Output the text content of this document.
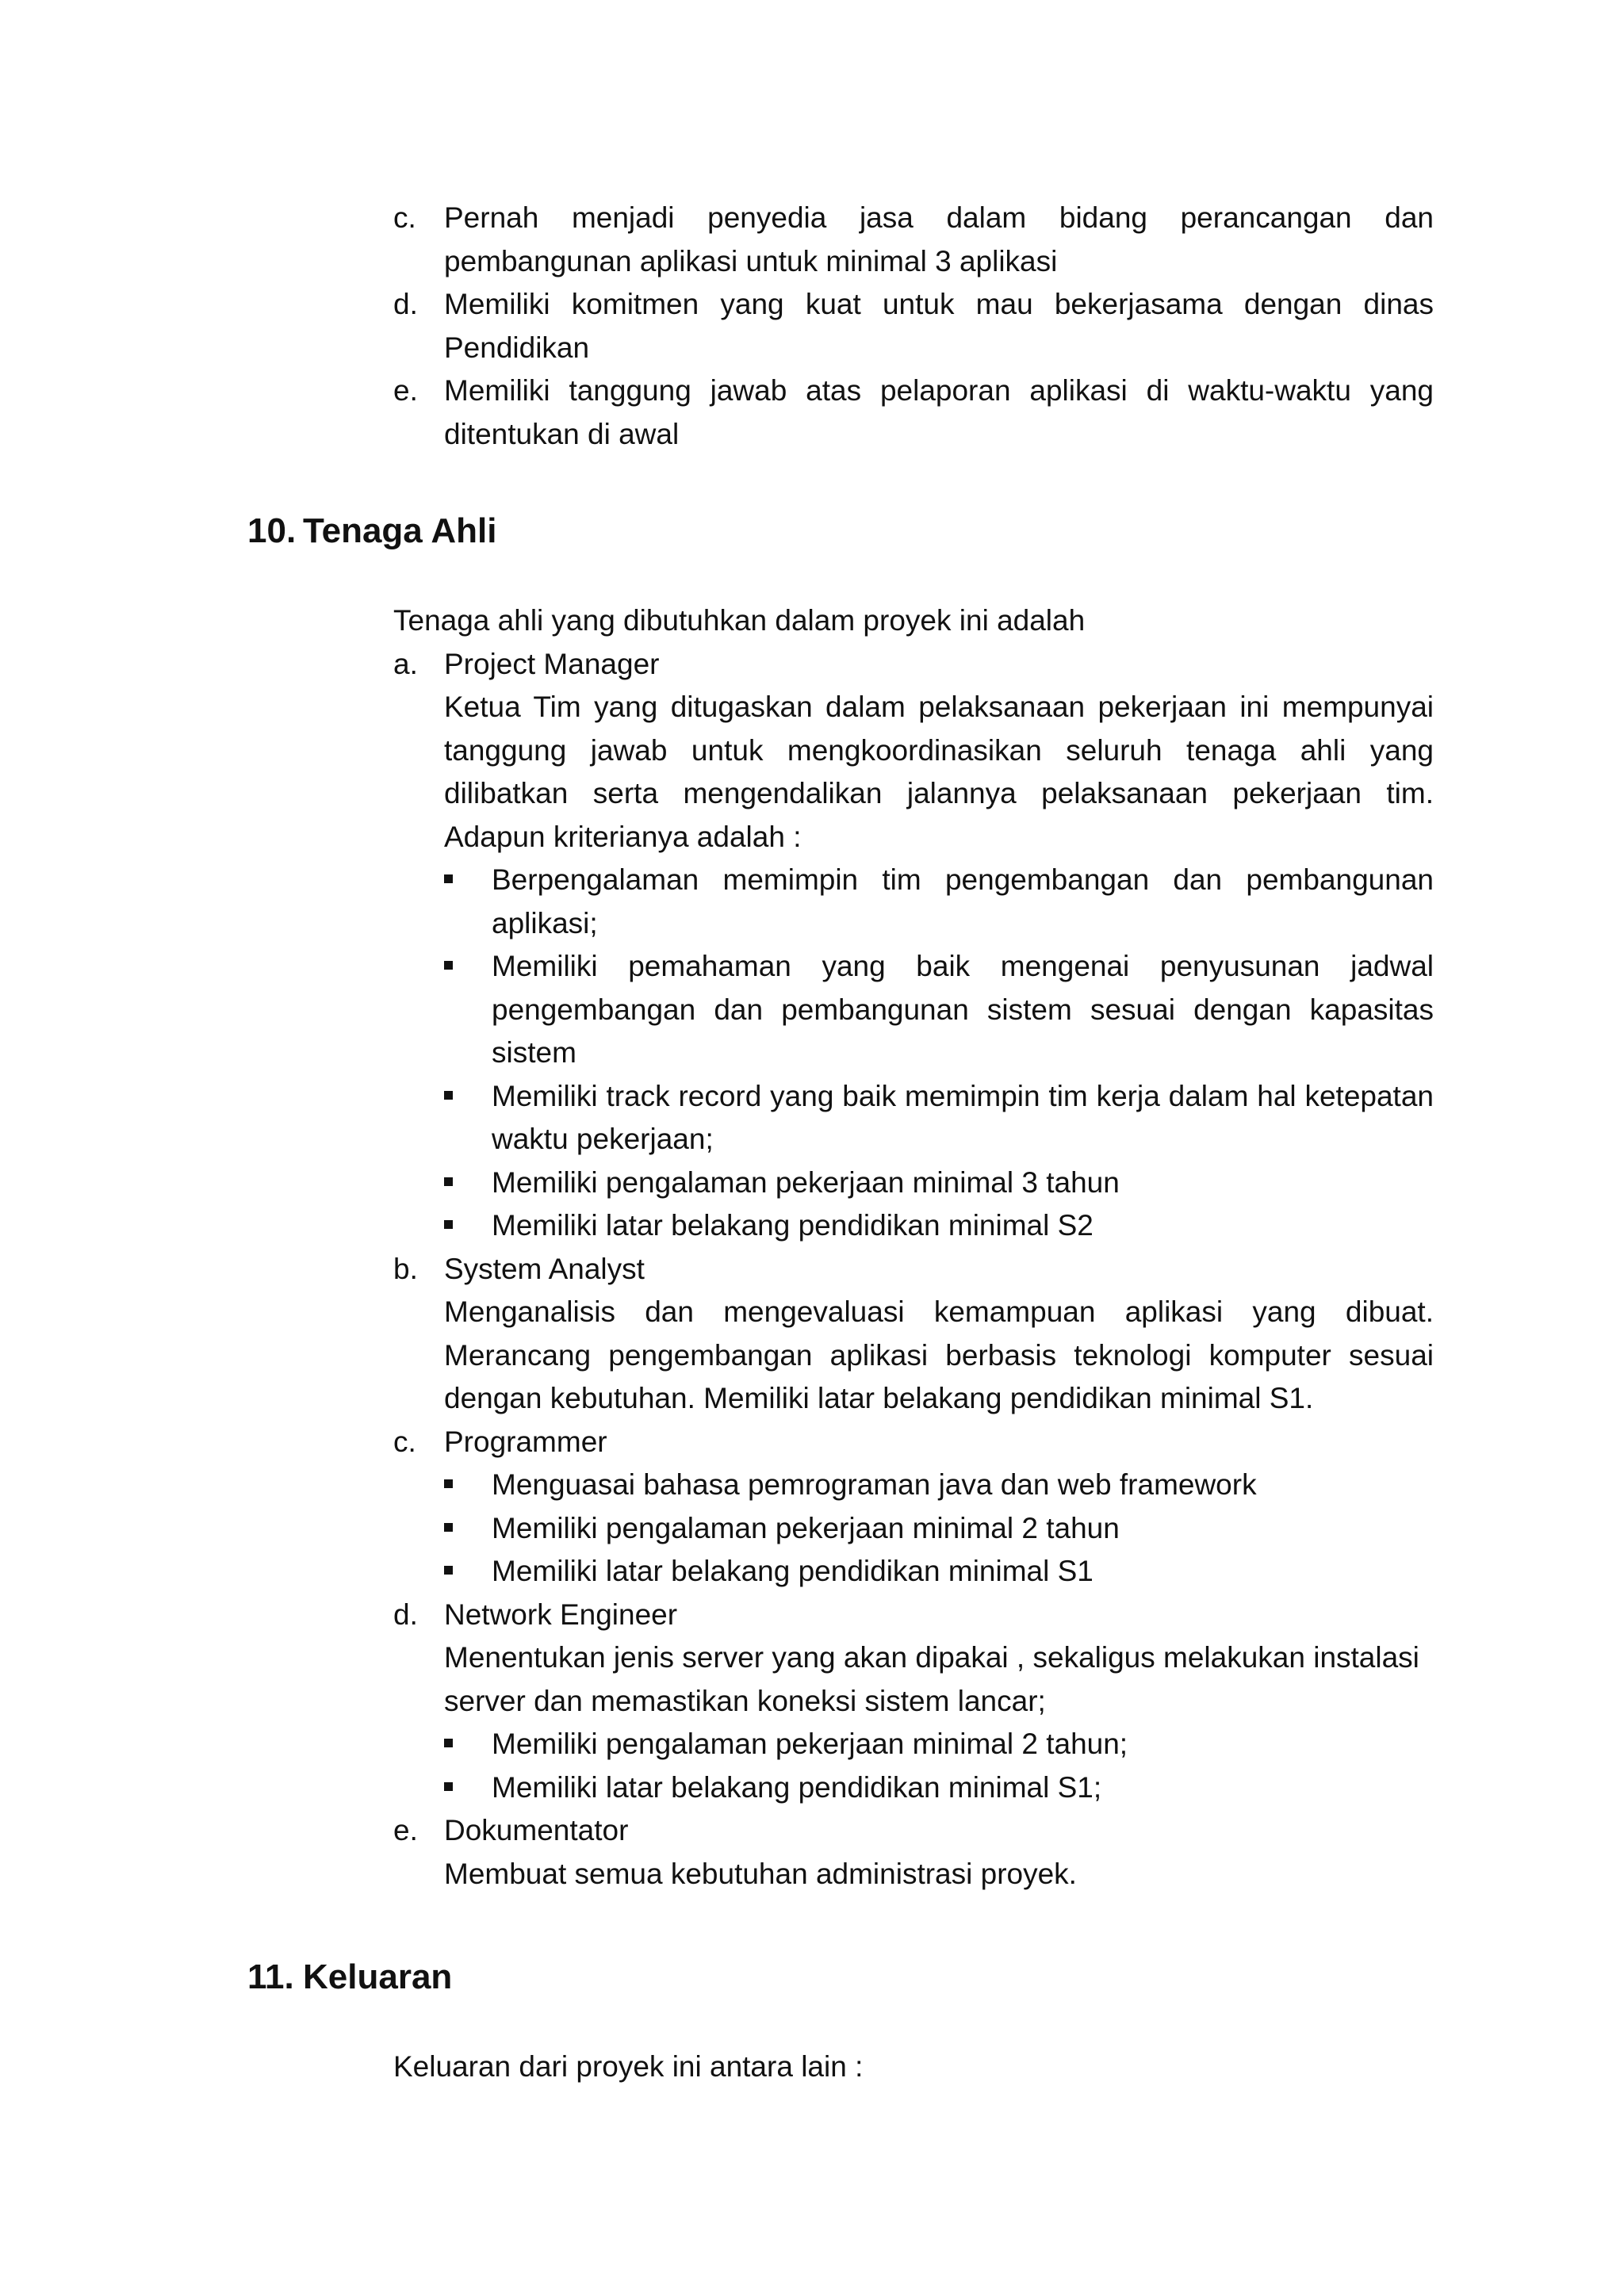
c. Pernah menjadi penyedia jasa dalam bidang perancangan dan pembangunan aplikasi untuk minimal 3 aplikasi
d. Memiliki komitmen yang kuat untuk mau bekerjasama dengan dinas Pendidikan
e. Memiliki tanggung jawab atas pelaporan aplikasi di waktu-waktu yang ditentukan di awal
10. Tenaga Ahli

Tenaga ahli yang dibutuhkan dalam proyek ini adalah

a. Project Manager
Ketua Tim yang ditugaskan dalam pelaksanaan pekerjaan ini mempunyai tanggung jawab untuk mengkoordinasikan seluruh tenaga ahli yang dilibatkan serta mengendalikan jalannya pelaksanaan pekerjaan tim. Adapun kriterianya adalah :
Berpengalaman memimpin tim pengembangan dan pembangunan aplikasi;
Memiliki pemahaman yang baik mengenai penyusunan jadwal pengembangan dan pembangunan sistem sesuai dengan kapasitas sistem
Memiliki track record yang baik memimpin tim kerja dalam hal ketepatan waktu pekerjaan;
Memiliki pengalaman pekerjaan minimal 3 tahun
Memiliki latar belakang pendidikan minimal S2
b. System Analyst
Menganalisis dan mengevaluasi kemampuan aplikasi yang dibuat. Merancang pengembangan aplikasi berbasis teknologi komputer sesuai dengan kebutuhan. Memiliki latar belakang pendidikan minimal S1.
c. Programmer
Menguasai bahasa pemrograman java dan web framework
Memiliki pengalaman pekerjaan minimal 2 tahun
Memiliki latar belakang pendidikan minimal S1
d. Network Engineer
Menentukan jenis server yang akan dipakai , sekaligus melakukan instalasi server dan memastikan koneksi sistem lancar;
Memiliki pengalaman pekerjaan minimal 2 tahun;
Memiliki latar belakang pendidikan minimal S1;
e. Dokumentator
Membuat semua kebutuhan administrasi proyek.
11. Keluaran

Keluaran dari proyek ini antara lain :
